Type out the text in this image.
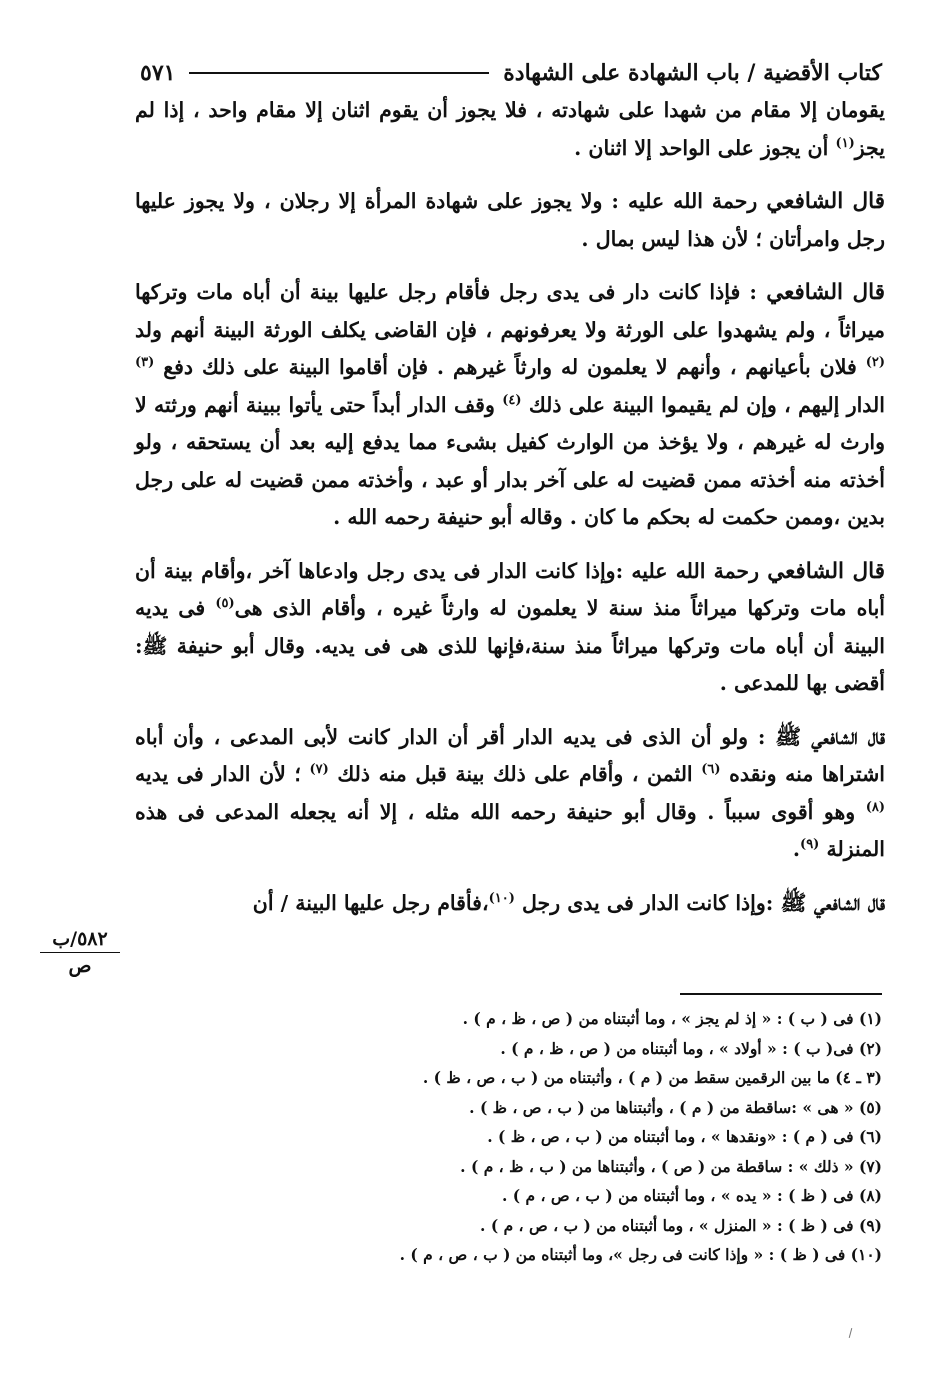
كتاب الأقضية / باب الشهادة على الشهادة
٥٧١

يقومان إلا مقام من شهدا على شهادته ، فلا يجوز أن يقوم اثنان إلا مقام واحد ، إذا لم يجز$^{(١)}$ أن يجوز على الواحد إلا اثنان .

قال الشافعي رحمة الله عليه : ولا يجوز على شهادة المرأة إلا رجلان ، ولا يجوز عليها رجل وامرأتان ؛ لأن هذا ليس بمال .

قال الشافعي : فإذا كانت دار فى يدى رجل فأقام رجل عليها بينة أن أباه مات وتركها ميراثاً ، ولم يشهدوا على الورثة ولا يعرفونهم ، فإن القاضى يكلف الورثة البينة أنهم ولد $^{(٢)}$ فلان بأعيانهم ، وأنهم لا يعلمون له وارثاً غيرهم . فإن أقاموا البينة على ذلك دفع $^{(٣)}$ الدار إليهم ، وإن لم يقيموا البينة على ذلك $^{(٤)}$ وقف الدار أبداً حتى يأتوا ببينة أنهم ورثته لا وارث له غيرهم ، ولا يؤخذ من الوارث كفيل بشىء مما يدفع إليه بعد أن يستحقه ، ولو أخذته منه أخذته ممن قضيت له على آخر بدار أو عبد ، وأخذته ممن قضيت له على رجل بدين ،وممن حكمت له بحكم ما كان . وقاله أبو حنيفة رحمه الله .

قال الشافعي رحمة الله عليه :وإذا كانت الدار فى يدى رجل وادعاها آخر ،وأقام بينة أن أباه مات وتركها ميراثاً منذ سنة لا يعلمون له وارثاً غيره ، وأقام الذى هى$^{(٥)}$ فى يديه البينة أن أباه مات وتركها ميراثاً منذ سنة،فإنها للذى هى فى يديه. وقال أبو حنيفة ﷺ: أقضى بها للمدعى .

قال الشافعي ﷺ : ولو أن الذى فى يديه الدار أقر أن الدار كانت لأبى المدعى ، وأن أباه اشتراها منه ونقده $^{(٦)}$ الثمن ، وأقام على ذلك بينة قبل منه ذلك $^{(٧)}$ ؛ لأن الدار فى يديه $^{(٨)}$ وهو أقوى سبباً . وقال أبو حنيفة رحمه الله مثله ، إلا أنه يجعله المدعى فى هذه المنزلة $^{(٩)}$.

قال الشافعي ﷺ :وإذا كانت الدار فى يدى رجل $^{(١٠)}$،فأقام رجل عليها البينة / أن

٥٨٢/ب
ص
(١) فى ( ب ) : « إذ لم يجز » ، وما أثبتناه من ( ص ، ظ ، م ) .
(٢) فى( ب ) : « أولاد » ، وما أثبتناه من ( ص ، ظ ، م ) .
(٣ ـ ٤) ما بين الرقمين سقط من ( م ) ، وأثبتناه من ( ب ، ص ، ظ ) .
(٥) « هى » :ساقطة من ( م ) ، وأثبتناها من ( ب ، ص ، ظ ) .
(٦) فى ( م ) : «ونقدها » ، وما أثبتناه من ( ب ، ص ، ظ ) .
(٧) « ذلك » : ساقطة من ( ص ) ، وأثبتناها من ( ب ، ظ ، م ) .
(٨) فى ( ظ ) : « يده » ، وما أثبتناه من ( ب ، ص ، م ) .
(٩) فى ( ظ ) : « المنزل » ، وما أثبتناه من ( ب ، ص ، م ) .
(١٠) فى ( ظ ) : « وإذا كانت فى رجل »، وما أثبتناه من ( ب ، ص ، م ) .
